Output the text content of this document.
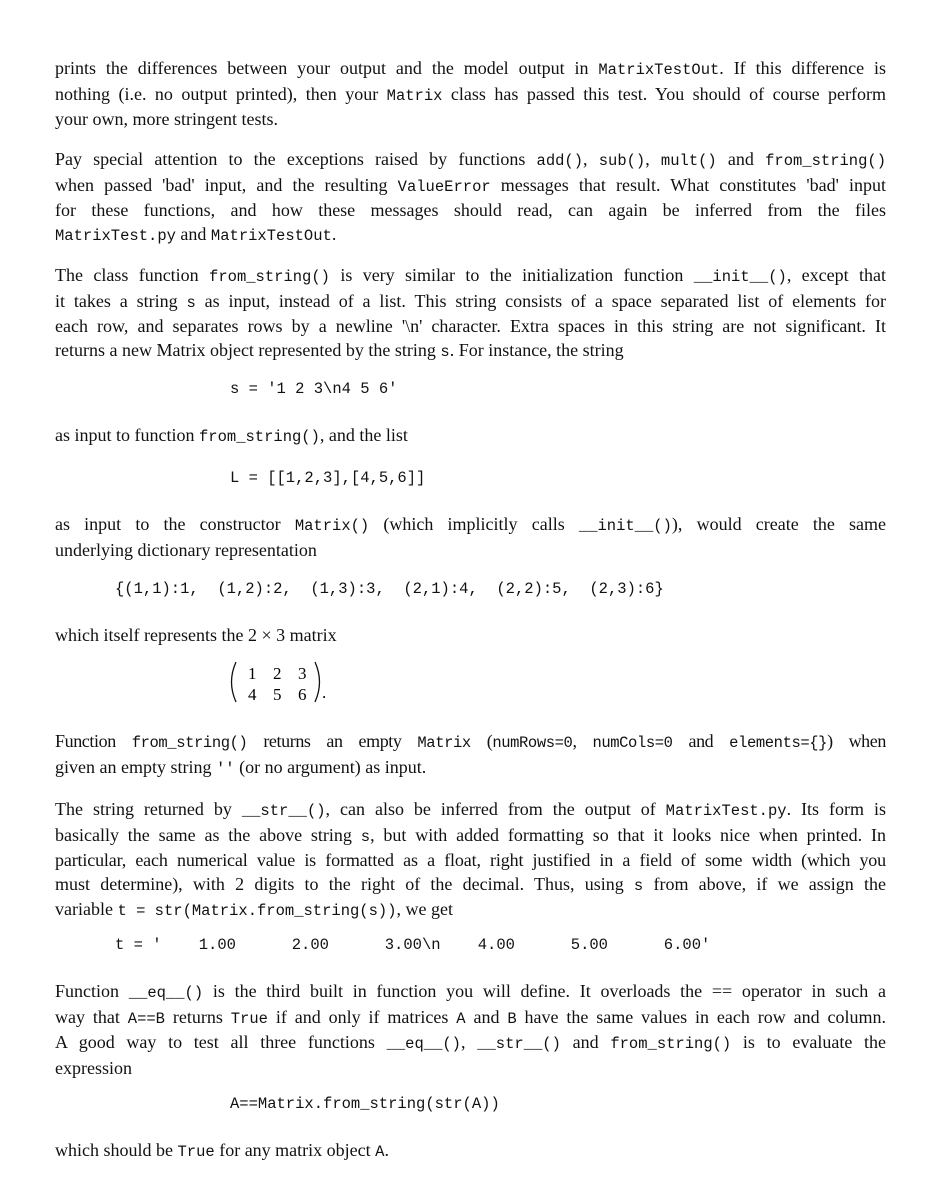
prints the differences between your output and the model output in MatrixTestOut. If this difference is
nothing (i.e. no output printed), then your Matrix class has passed this test. You should of course perform
your own, more stringent tests.
Pay special attention to the exceptions raised by functions add(), sub(), mult() and from_string()
when passed 'bad' input, and the resulting ValueError messages that result. What constitutes 'bad' input
for these functions, and how these messages should read, can again be inferred from the files
MatrixTest.py and MatrixTestOut.
The class function from_string() is very similar to the initialization function __init__(), except that
it takes a string s as input, instead of a list. This string consists of a space separated list of elements for
each row, and separates rows by a newline '\n' character. Extra spaces in this string are not significant. It
returns a new Matrix object represented by the string s. For instance, the string
s = '1 2 3\n4 5 6'
as input to function from_string(), and the list
L = [[1,2,3],[4,5,6]]
as input to the constructor Matrix() (which implicitly calls __init__()), would create the same
underlying dictionary representation
{(1,1):1,  (1,2):2,  (1,3):3,  (2,1):4,  (2,2):5,  (2,3):6}
which itself represents the 2 × 3 matrix
1 2 3
4 5 6 .
Function from_string() returns an empty Matrix (numRows=0, numCols=0 and elements={}) when
given an empty string '' (or no argument) as input.
The string returned by __str__(), can also be inferred from the output of MatrixTest.py. Its form is
basically the same as the above string s, but with added formatting so that it looks nice when printed. In
particular, each numerical value is formatted as a float, right justified in a field of some width (which you
must determine), with 2 digits to the right of the decimal. Thus, using s from above, if we assign the
variable t = str(Matrix.from_string(s)), we get
t = '    1.00      2.00      3.00\n    4.00      5.00      6.00'
Function __eq__() is the third built in function you will define. It overloads the == operator in such a
way that A==B returns True if and only if matrices A and B have the same values in each row and column.
A good way to test all three functions __eq__(), __str__() and from_string() is to evaluate the
expression
A==Matrix.from_string(str(A))
which should be True for any matrix object A.
